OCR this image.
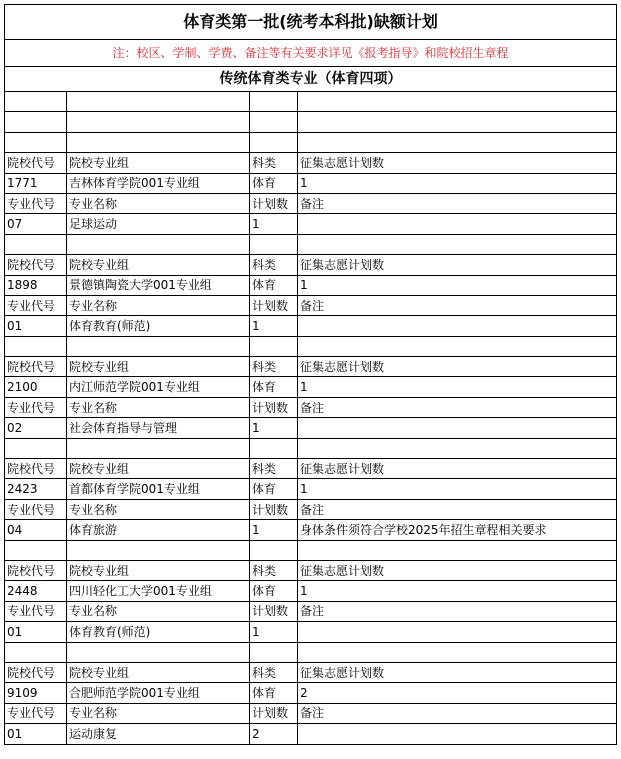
体育类第一批(统考本科批)缺额计划			
注：校区、学制、学费、备注等有关要求详见《报考指导》和院校招生章程			
传统体育类专业（体育四项）			

院校代号	院校专业组	科类	征集志愿计划数
1771	吉林体育学院001专业组	体育	1
专业代号	专业名称	计划数	备注
07	足球运动	1	

院校代号	院校专业组	科类	征集志愿计划数
1898	景德镇陶瓷大学001专业组	体育	1
专业代号	专业名称	计划数	备注
01	体育教育(师范)	1	

院校代号	院校专业组	科类	征集志愿计划数
2100	内江师范学院001专业组	体育	1
专业代号	专业名称	计划数	备注
02	社会体育指导与管理	1	

院校代号	院校专业组	科类	征集志愿计划数
2423	首都体育学院001专业组	体育	1
专业代号	专业名称	计划数	备注
04	体育旅游	1	身体条件须符合学校2025年招生章程相关要求

院校代号	院校专业组	科类	征集志愿计划数
2448	四川轻化工大学001专业组	体育	1
专业代号	专业名称	计划数	备注
01	体育教育(师范)	1	

院校代号	院校专业组	科类	征集志愿计划数
9109	合肥师范学院001专业组	体育	2
专业代号	专业名称	计划数	备注
01	运动康复	2	
